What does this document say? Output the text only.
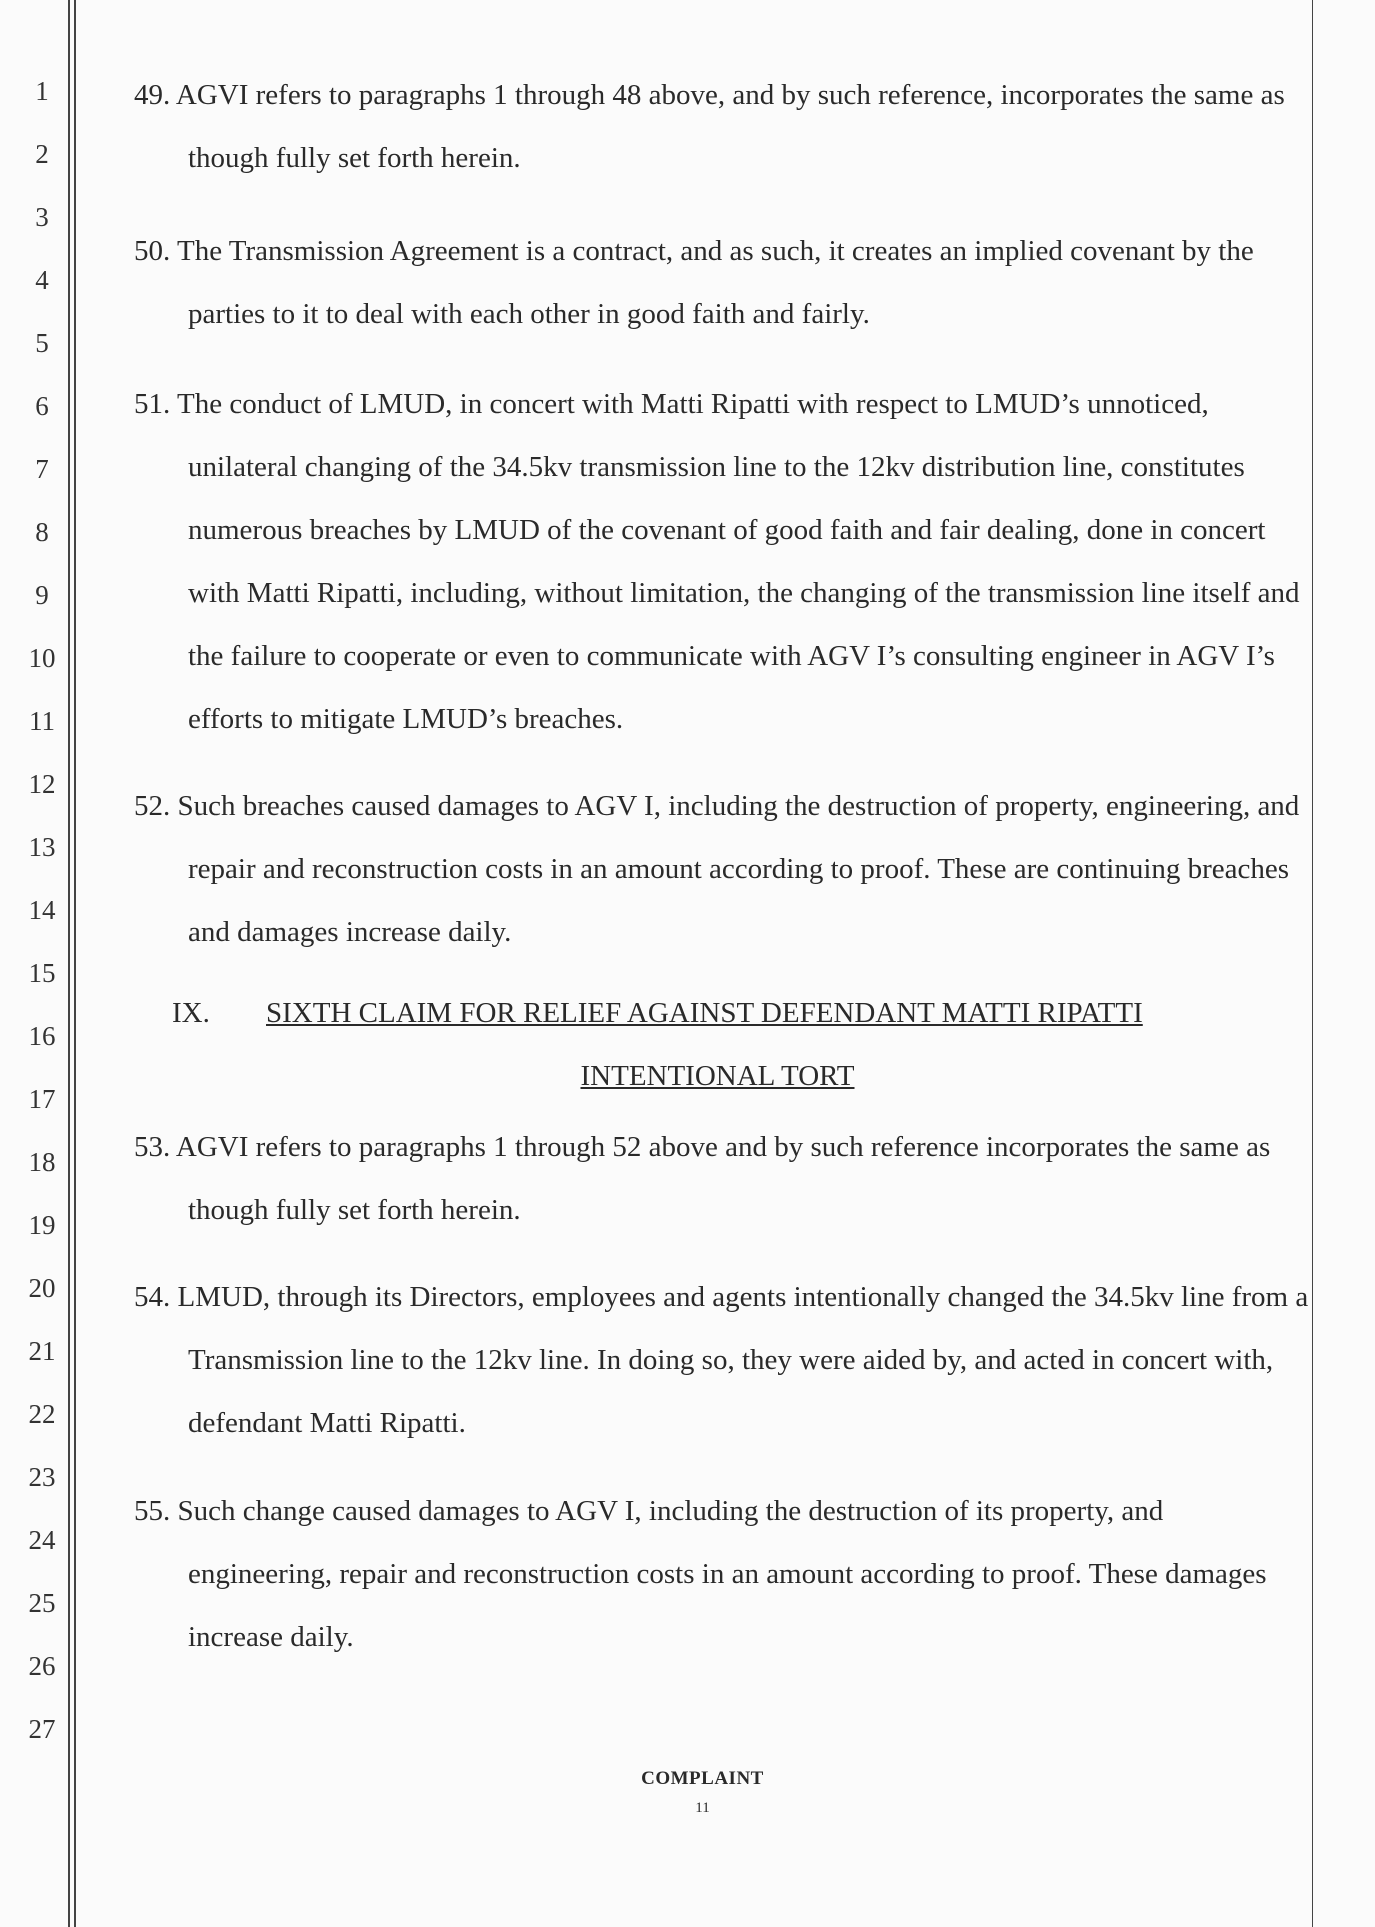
1
2
3
4
5
6
7
8
9
10
11
12
13
14
15
16
17
18
19
20
21
22
23
24
25
26
27
49. AGVI refers to paragraphs 1 through 48 above, and by such reference, incorporates the same as though fully set forth herein.
50. The Transmission Agreement is a contract, and as such, it creates an implied covenant by the parties to it to deal with each other in good faith and fairly.
51. The conduct of LMUD, in concert with Matti Ripatti with respect to LMUD’s unnoticed, unilateral changing of the 34.5kv transmission line to the 12kv distribution line, constitutes numerous breaches by LMUD of the covenant of good faith and fair dealing, done in concert with Matti Ripatti, including, without limitation, the changing of the transmission line itself and the failure to cooperate or even to communicate with AGV I’s consulting engineer in AGV I’s efforts to mitigate LMUD’s breaches.
52. Such breaches caused damages to AGV I, including the destruction of property, engineering, and repair and reconstruction costs in an amount according to proof. These are continuing breaches and damages increase daily.
IX. SIXTH CLAIM FOR RELIEF AGAINST DEFENDANT MATTI RIPATTI
INTENTIONAL TORT
53. AGVI refers to paragraphs 1 through 52 above and by such reference incorporates the same as though fully set forth herein.
54. LMUD, through its Directors, employees and agents intentionally changed the 34.5kv line from a Transmission line to the 12kv line. In doing so, they were aided by, and acted in concert with, defendant Matti Ripatti.
55. Such change caused damages to AGV I, including the destruction of its property, and engineering, repair and reconstruction costs in an amount according to proof. These damages increase daily.
COMPLAINT
11
